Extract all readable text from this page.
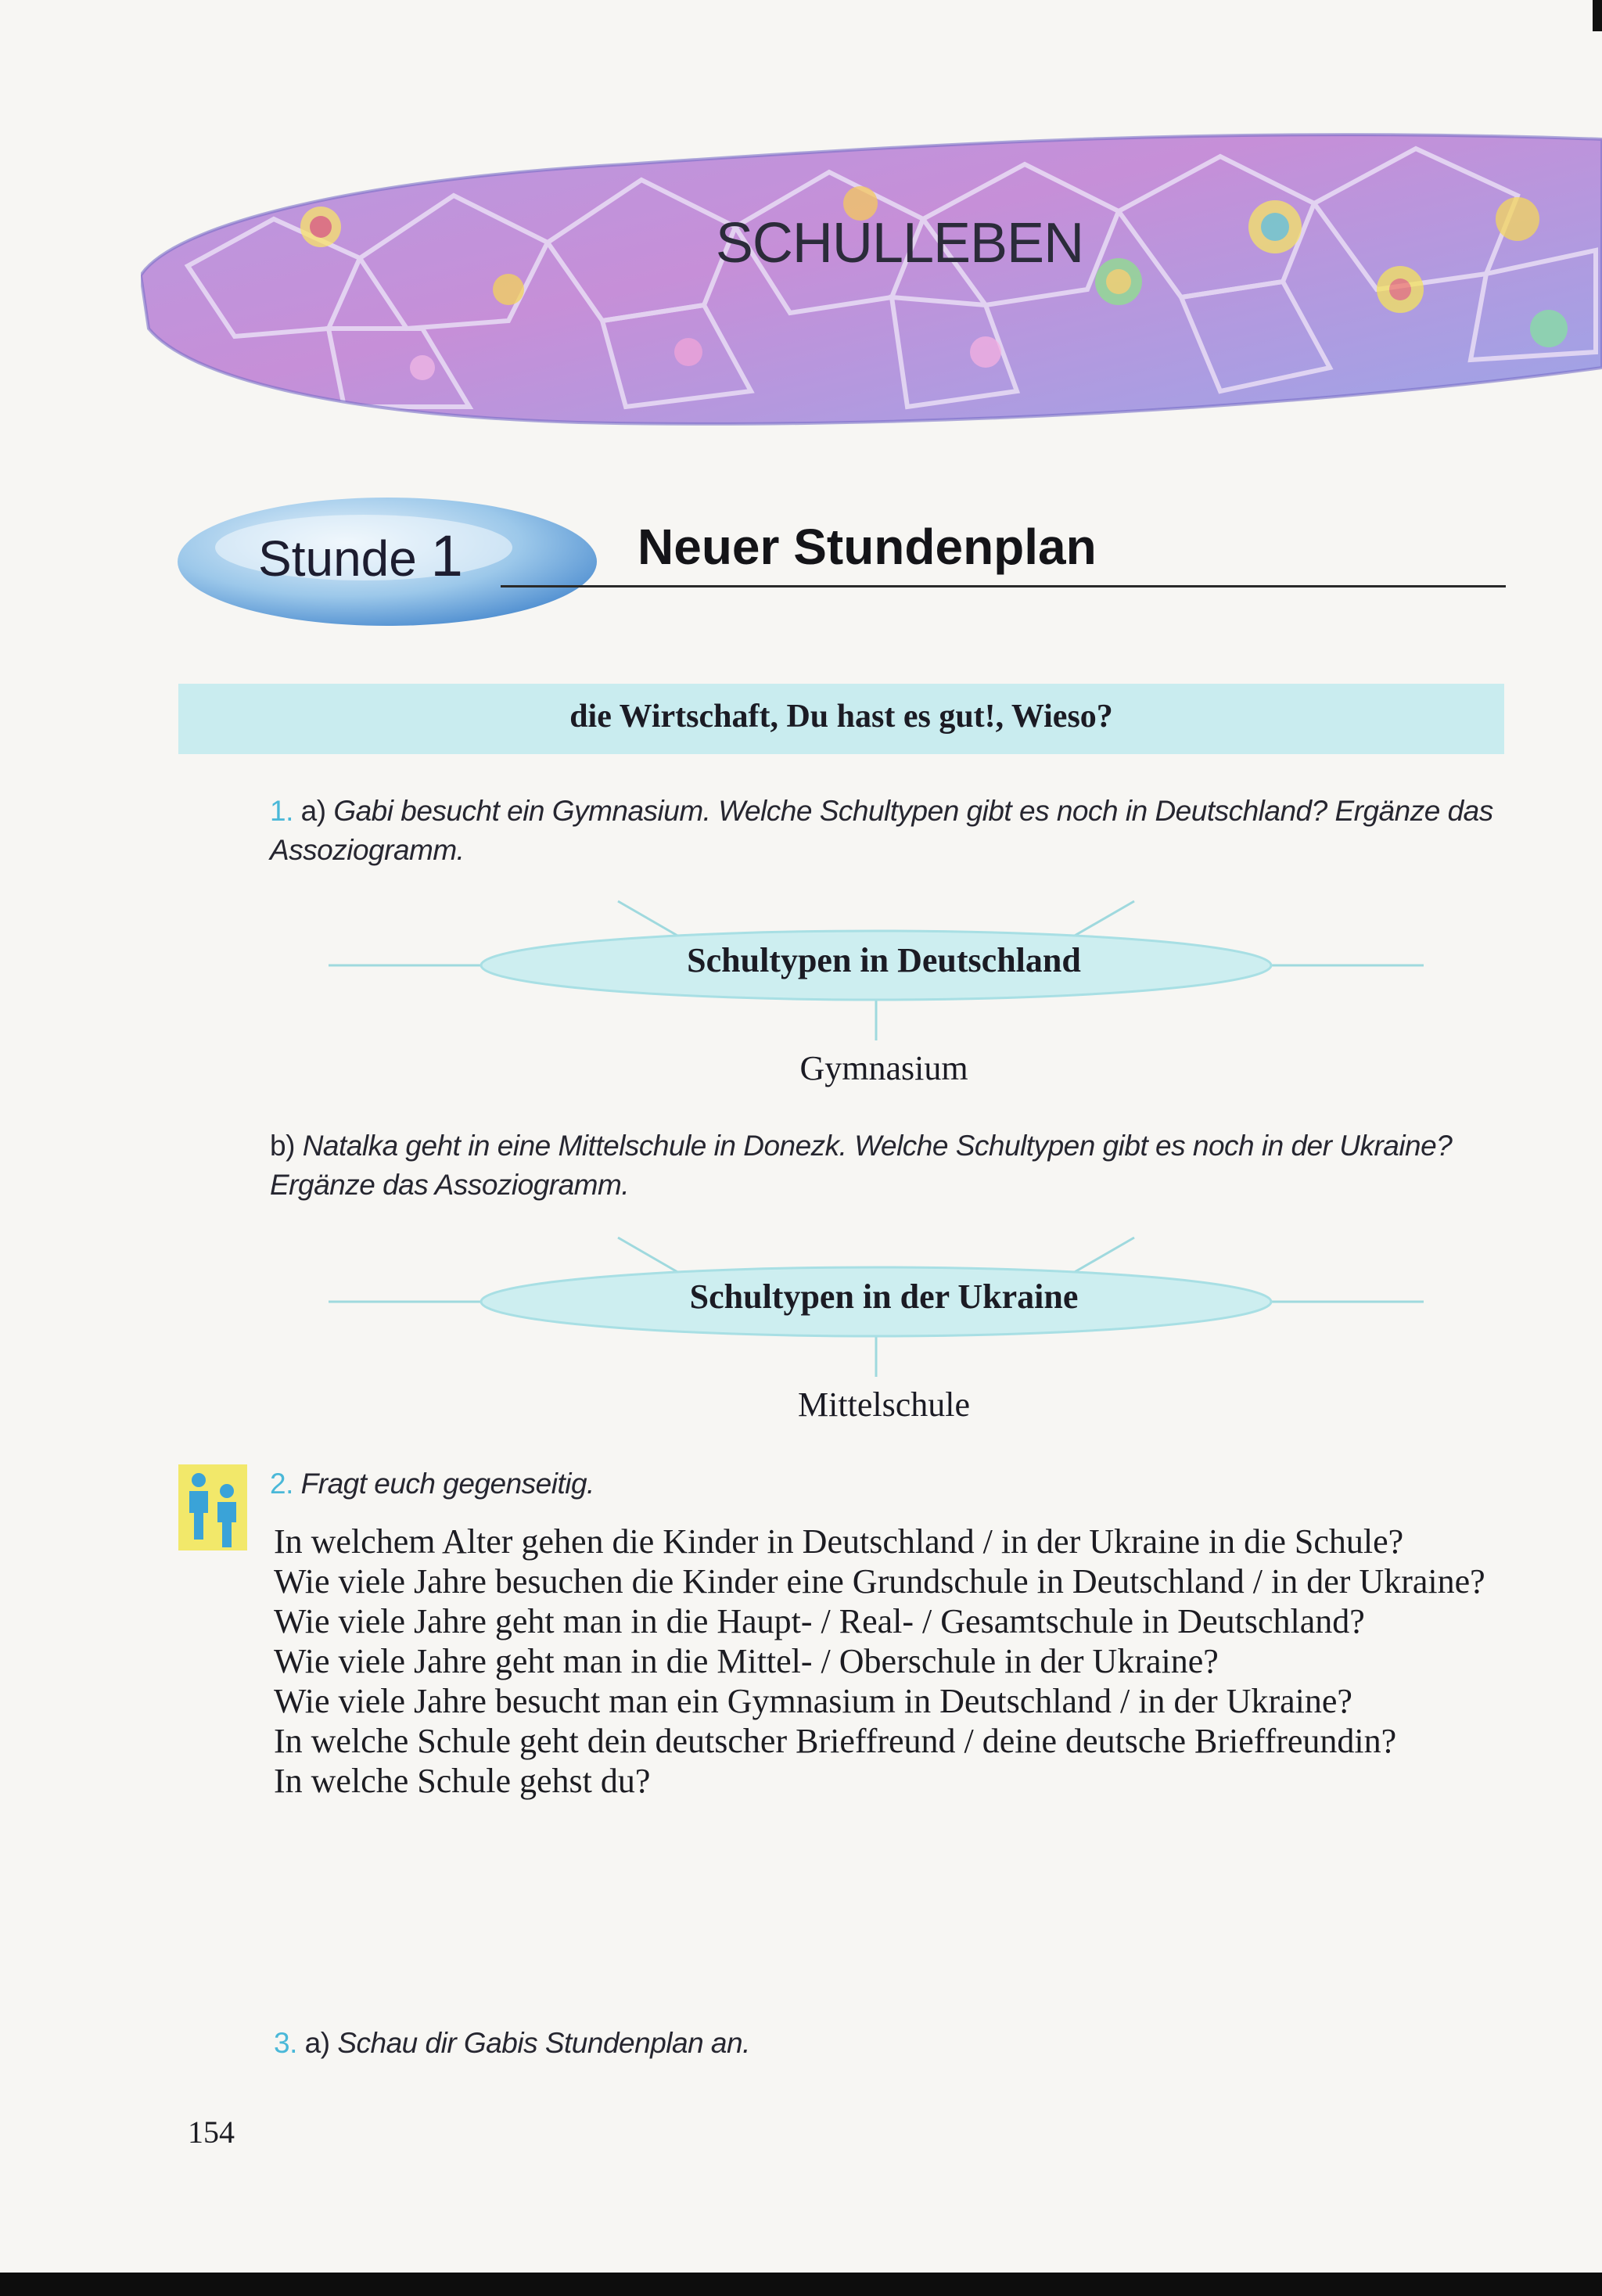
SCHULLEBEN
Stunde 1	Neuer Stundenplan
die Wirtschaft, Du hast es gut!, Wieso?
1. a) Gabi besucht ein Gymnasium. Welche Schultypen gibt es noch in Deutschland? Ergänze das Assoziogramm.
Schultypen in Deutschland
Gymnasium
b) Natalka geht in eine Mittelschule in Donezk. Welche Schultypen gibt es noch in der Ukraine? Ergänze das Assoziogramm.
Schultypen in der Ukraine
Mittelschule
2. Fragt euch gegenseitig.
In welchem Alter gehen die Kinder in Deutschland / in der Ukraine in die Schule?
Wie viele Jahre besuchen die Kinder eine Grundschule in Deutschland / in der Ukraine?
Wie viele Jahre geht man in die Haupt- / Real- / Gesamtschule in Deutschland?
Wie viele Jahre geht man in die Mittel- / Oberschule in der Ukraine?
Wie viele Jahre besucht man ein Gymnasium in Deutschland / in der Ukraine?
In welche Schule geht dein deutscher Brieffreund / deine deutsche Brieffreundin?
In welche Schule gehst du?
3. a) Schau dir Gabis Stundenplan an.
154
